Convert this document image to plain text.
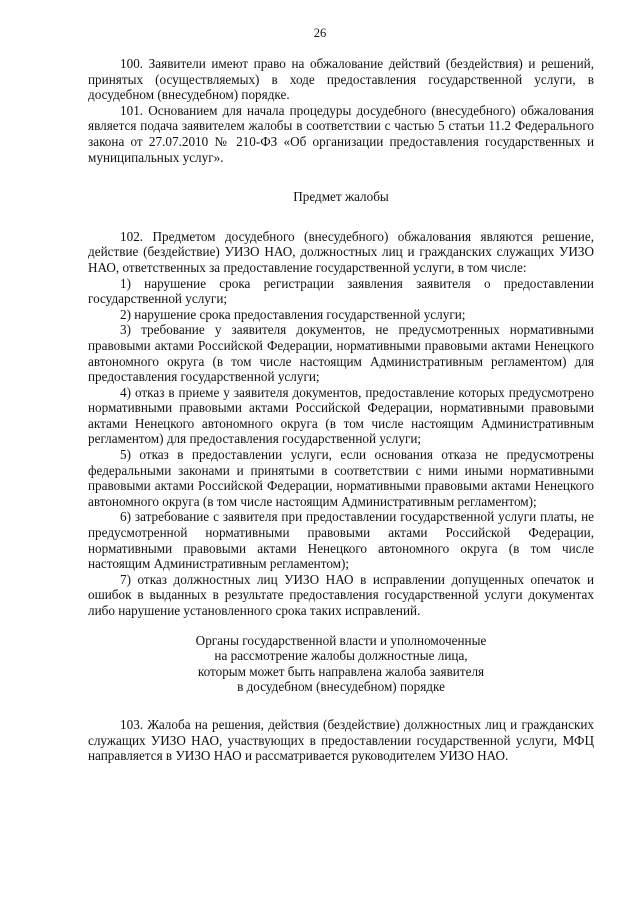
26

100. Заявители имеют право на обжалование действий (бездействия) и решений, принятых (осуществляемых) в ходе предоставления государственной услуги, в досудебном (внесудебном) порядке.

101. Основанием для начала процедуры досудебного (внесудебного) обжалования является подача заявителем жалобы в соответствии с частью 5 статьи 11.2 Федерального закона от 27.07.2010 № 210-ФЗ «Об организации предоставления государственных и муниципальных услуг».

Предмет жалобы

102. Предметом досудебного (внесудебного) обжалования являются решение, действие (бездействие) УИЗО НАО, должностных лиц и гражданских служащих УИЗО НАО, ответственных за предоставление государственной услуги, в том числе:

1) нарушение срока регистрации заявления заявителя о предоставлении государственной услуги;

2) нарушение срока предоставления государственной услуги;

3) требование у заявителя документов, не предусмотренных нормативными правовыми актами Российской Федерации, нормативными правовыми актами Ненецкого автономного округа (в том числе настоящим Административным регламентом) для предоставления государственной услуги;

4) отказ в приеме у заявителя документов, предоставление которых предусмотрено нормативными правовыми актами Российской Федерации, нормативными правовыми актами Ненецкого автономного округа (в том числе настоящим Административным регламентом) для предоставления государственной услуги;

5) отказ в предоставлении услуги, если основания отказа не предусмотрены федеральными законами и принятыми в соответствии с ними иными нормативными правовыми актами Российской Федерации, нормативными правовыми актами Ненецкого автономного округа (в том числе настоящим Административным регламентом);

6) затребование с заявителя при предоставлении государственной услуги платы, не предусмотренной нормативными правовыми актами Российской Федерации, нормативными правовыми актами Ненецкого автономного округа (в том числе настоящим Административным регламентом);

7) отказ должностных лиц УИЗО НАО в исправлении допущенных опечаток и ошибок в выданных в результате предоставления государственной услуги документах либо нарушение установленного срока таких исправлений.

Органы государственной власти и уполномоченные
на рассмотрение жалобы должностные лица,
которым может быть направлена жалоба заявителя
в досудебном (внесудебном) порядке

103. Жалоба на решения, действия (бездействие) должностных лиц и гражданских служащих УИЗО НАО, участвующих в предоставлении государственной услуги, МФЦ направляется в УИЗО НАО и рассматривается руководителем УИЗО НАО.
